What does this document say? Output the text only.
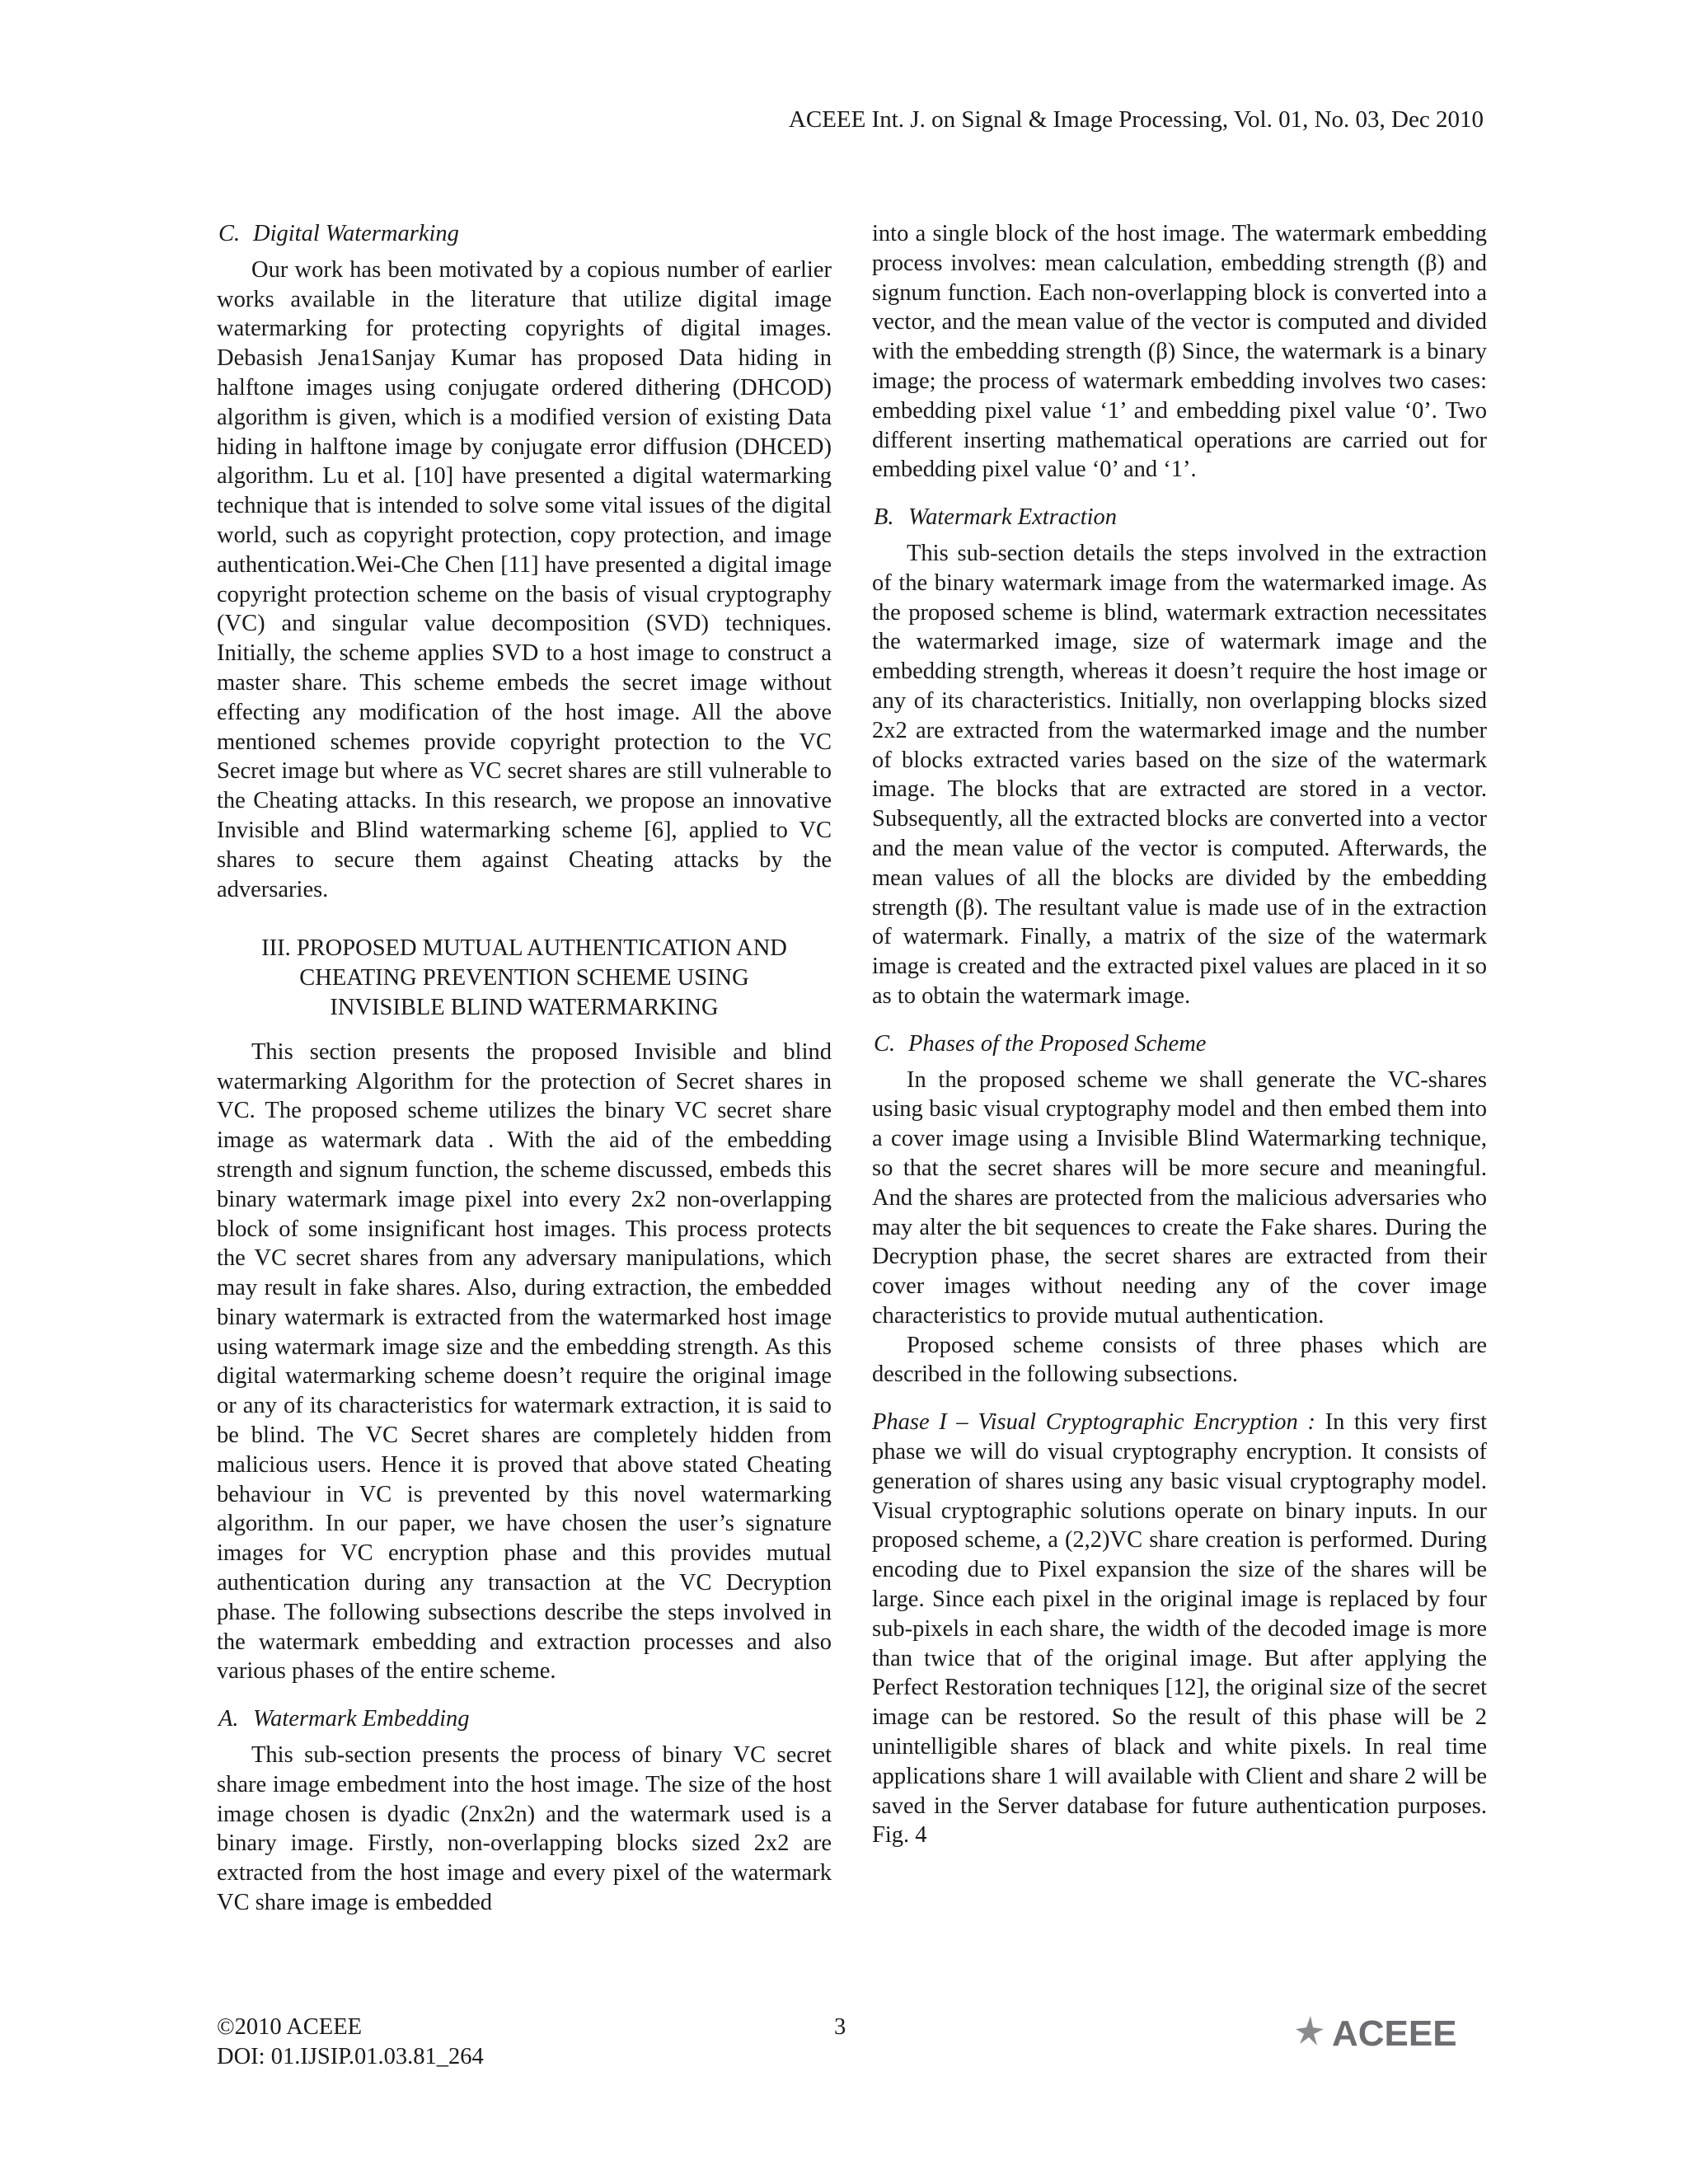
ACEEE Int. J. on Signal & Image Processing, Vol. 01, No. 03, Dec 2010
C. Digital Watermarking

Our work has been motivated by a copious number of earlier works available in the literature that utilize digital image watermarking for protecting copyrights of digital images. Debasish Jena1Sanjay Kumar has proposed Data hiding in halftone images using conjugate ordered dithering (DHCOD) algorithm is given, which is a modified version of existing Data hiding in halftone image by conjugate error diffusion (DHCED) algorithm. Lu et al. [10] have presented a digital watermarking technique that is intended to solve some vital issues of the digital world, such as copyright protection, copy protection, and image authentication.Wei-Che Chen [11] have presented a digital image copyright protection scheme on the basis of visual cryptography (VC) and singular value decomposition (SVD) techniques. Initially, the scheme applies SVD to a host image to construct a master share. This scheme embeds the secret image without effecting any modification of the host image. All the above mentioned schemes provide copyright protection to the VC Secret image but where as VC secret shares are still vulnerable to the Cheating attacks. In this research, we propose an innovative Invisible and Blind watermarking scheme [6], applied to VC shares to secure them against Cheating attacks by the adversaries.

III. PROPOSED MUTUAL AUTHENTICATION AND
CHEATING PREVENTION SCHEME USING
INVISIBLE BLIND WATERMARKING

This section presents the proposed Invisible and blind watermarking Algorithm for the protection of Secret shares in VC. The proposed scheme utilizes the binary VC secret share image as watermark data . With the aid of the embedding strength and signum function, the scheme discussed, embeds this binary watermark image pixel into every 2x2 non-overlapping block of some insignificant host images. This process protects the VC secret shares from any adversary manipulations, which may result in fake shares. Also, during extraction, the embedded binary watermark is extracted from the watermarked host image using watermark image size and the embedding strength. As this digital watermarking scheme doesn’t require the original image or any of its characteristics for watermark extraction, it is said to be blind. The VC Secret shares are completely hidden from malicious users. Hence it is proved that above stated Cheating behaviour in VC is prevented by this novel watermarking algorithm. In our paper, we have chosen the user’s signature images for VC encryption phase and this provides mutual authentication during any transaction at the VC Decryption phase. The following subsections describe the steps involved in the watermark embedding and extraction processes and also various phases of the entire scheme.

A. Watermark Embedding

This sub-section presents the process of binary VC secret share image embedment into the host image. The size of the host image chosen is dyadic (2nx2n) and the watermark used is a binary image. Firstly, non-overlapping blocks sized 2x2 are extracted from the host image and every pixel of the watermark VC share image is embedded

into a single block of the host image. The watermark embedding process involves: mean calculation, embedding strength (β) and signum function. Each non-overlapping block is converted into a vector, and the mean value of the vector is computed and divided with the embedding strength (β) Since, the watermark is a binary image; the process of watermark embedding involves two cases: embedding pixel value ‘1’ and embedding pixel value ‘0’. Two different inserting mathematical operations are carried out for embedding pixel value ‘0’ and ‘1’.

B. Watermark Extraction

This sub-section details the steps involved in the extraction of the binary watermark image from the watermarked image. As the proposed scheme is blind, watermark extraction necessitates the watermarked image, size of watermark image and the embedding strength, whereas it doesn’t require the host image or any of its characteristics. Initially, non overlapping blocks sized 2x2 are extracted from the watermarked image and the number of blocks extracted varies based on the size of the watermark image. The blocks that are extracted are stored in a vector. Subsequently, all the extracted blocks are converted into a vector and the mean value of the vector is computed. Afterwards, the mean values of all the blocks are divided by the embedding strength (β). The resultant value is made use of in the extraction of watermark. Finally, a matrix of the size of the watermark image is created and the extracted pixel values are placed in it so as to obtain the watermark image.

C. Phases of the Proposed Scheme

In the proposed scheme we shall generate the VC-shares using basic visual cryptography model and then embed them into a cover image using a Invisible Blind Watermarking technique, so that the secret shares will be more secure and meaningful. And the shares are protected from the malicious adversaries who may alter the bit sequences to create the Fake shares. During the Decryption phase, the secret shares are extracted from their cover images without needing any of the cover image characteristics to provide mutual authentication.

Proposed scheme consists of three phases which are described in the following subsections.

Phase I – Visual Cryptographic Encryption : In this very first phase we will do visual cryptography encryption. It consists of generation of shares using any basic visual cryptography model. Visual cryptographic solutions operate on binary inputs. In our proposed scheme, a (2,2)VC share creation is performed. During encoding due to Pixel expansion the size of the shares will be large. Since each pixel in the original image is replaced by four sub-pixels in each share, the width of the decoded image is more than twice that of the original image. But after applying the Perfect Restoration techniques [12], the original size of the secret image can be restored. So the result of this phase will be 2 unintelligible shares of black and white pixels. In real time applications share 1 will available with Client and share 2 will be saved in the Server database for future authentication purposes. Fig. 4

©2010 ACEEE
DOI: 01.IJSIP.01.03.81_264
3	ACEEE
